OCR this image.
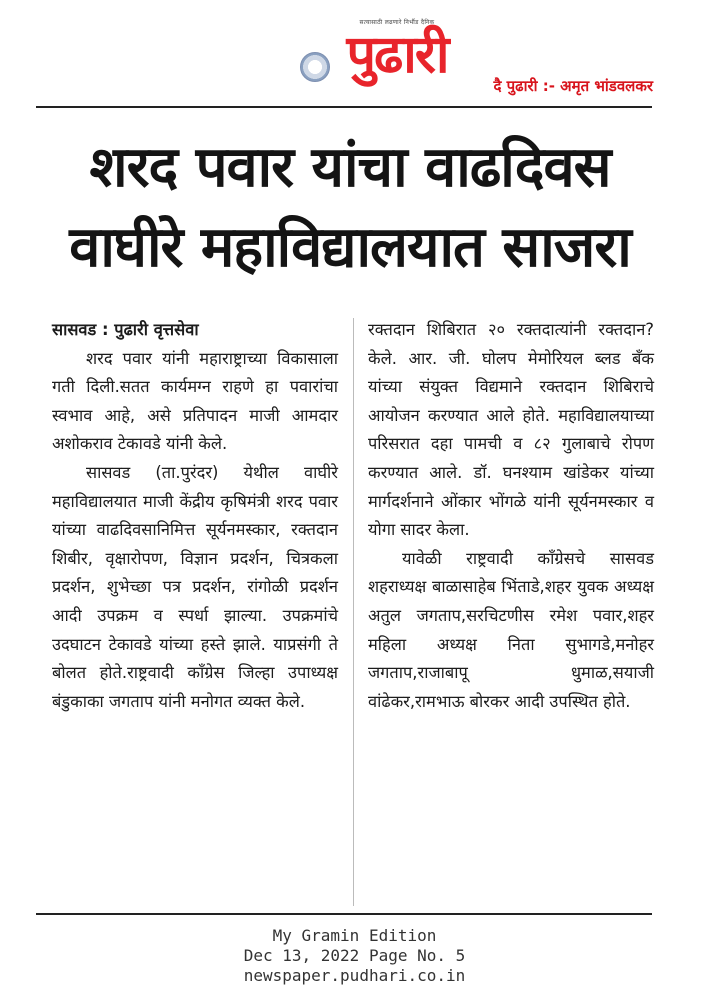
सत्यासाठी लढणारे निर्भीड दैनिक
पुढारी
दै पुढारी :- अमृत भांडवलकर
शरद पवार यांचा वाढदिवस
वाघीरे महाविद्यालयात साजरा

सासवड : पुढारी वृत्तसेवा

शरद पवार यांनी महाराष्ट्राच्या विकासाला गती दिली.सतत कार्यमग्न राहणे हा पवारांचा स्वभाव आहे, असे प्रतिपादन माजी आमदार अशोकराव टेकावडे यांनी केले.

सासवड (ता.पुरंदर) येथील वाघीरे महाविद्यालयात माजी केंद्रीय कृषिमंत्री शरद पवार यांच्या वाढदिवसानिमित्त सूर्यनमस्कार, रक्तदान शिबीर, वृक्षारोपण, विज्ञान प्रदर्शन, चित्रकला प्रदर्शन, शुभेच्छा पत्र प्रदर्शन, रांगोळी प्रदर्शन आदी उपक्रम व स्पर्धा झाल्या. उपक्रमांचे उदघाटन टेकावडे यांच्या हस्ते झाले. याप्रसंगी ते बोलत होते.राष्ट्रवादी काँग्रेस जिल्हा उपाध्यक्ष बंडुकाका जगताप यांनी मनोगत व्यक्त केले.

रक्तदान शिबिरात २० रक्तदात्यांनी रक्तदान? केले. आर. जी. घोलप मेमोरियल ब्लड बँक यांच्या संयुक्त विद्यमाने रक्तदान शिबिराचे आयोजन करण्यात आले होते. महाविद्यालयाच्या परिसरात दहा पामची व ८२ गुलाबाचे रोपण करण्यात आले. डॉ. घनश्याम खांडेकर यांच्या मार्गदर्शनाने ओंकार भोंगळे यांनी सूर्यनमस्कार व योगा सादर केला.

यावेळी राष्ट्रवादी काँग्रेसचे सासवड शहराध्यक्ष बाळासाहेब भिंताडे,शहर युवक अध्यक्ष अतुल जगताप,सरचिटणीस रमेश पवार,शहर महिला अध्यक्ष निता सुभागडे,मनोहर जगताप,राजाबापू धुमाळ,सयाजी वांढेकर,रामभाऊ बोरकर आदी उपस्थित होते.

My Gramin Edition
Dec 13, 2022 Page No. 5
newspaper.pudhari.co.in
